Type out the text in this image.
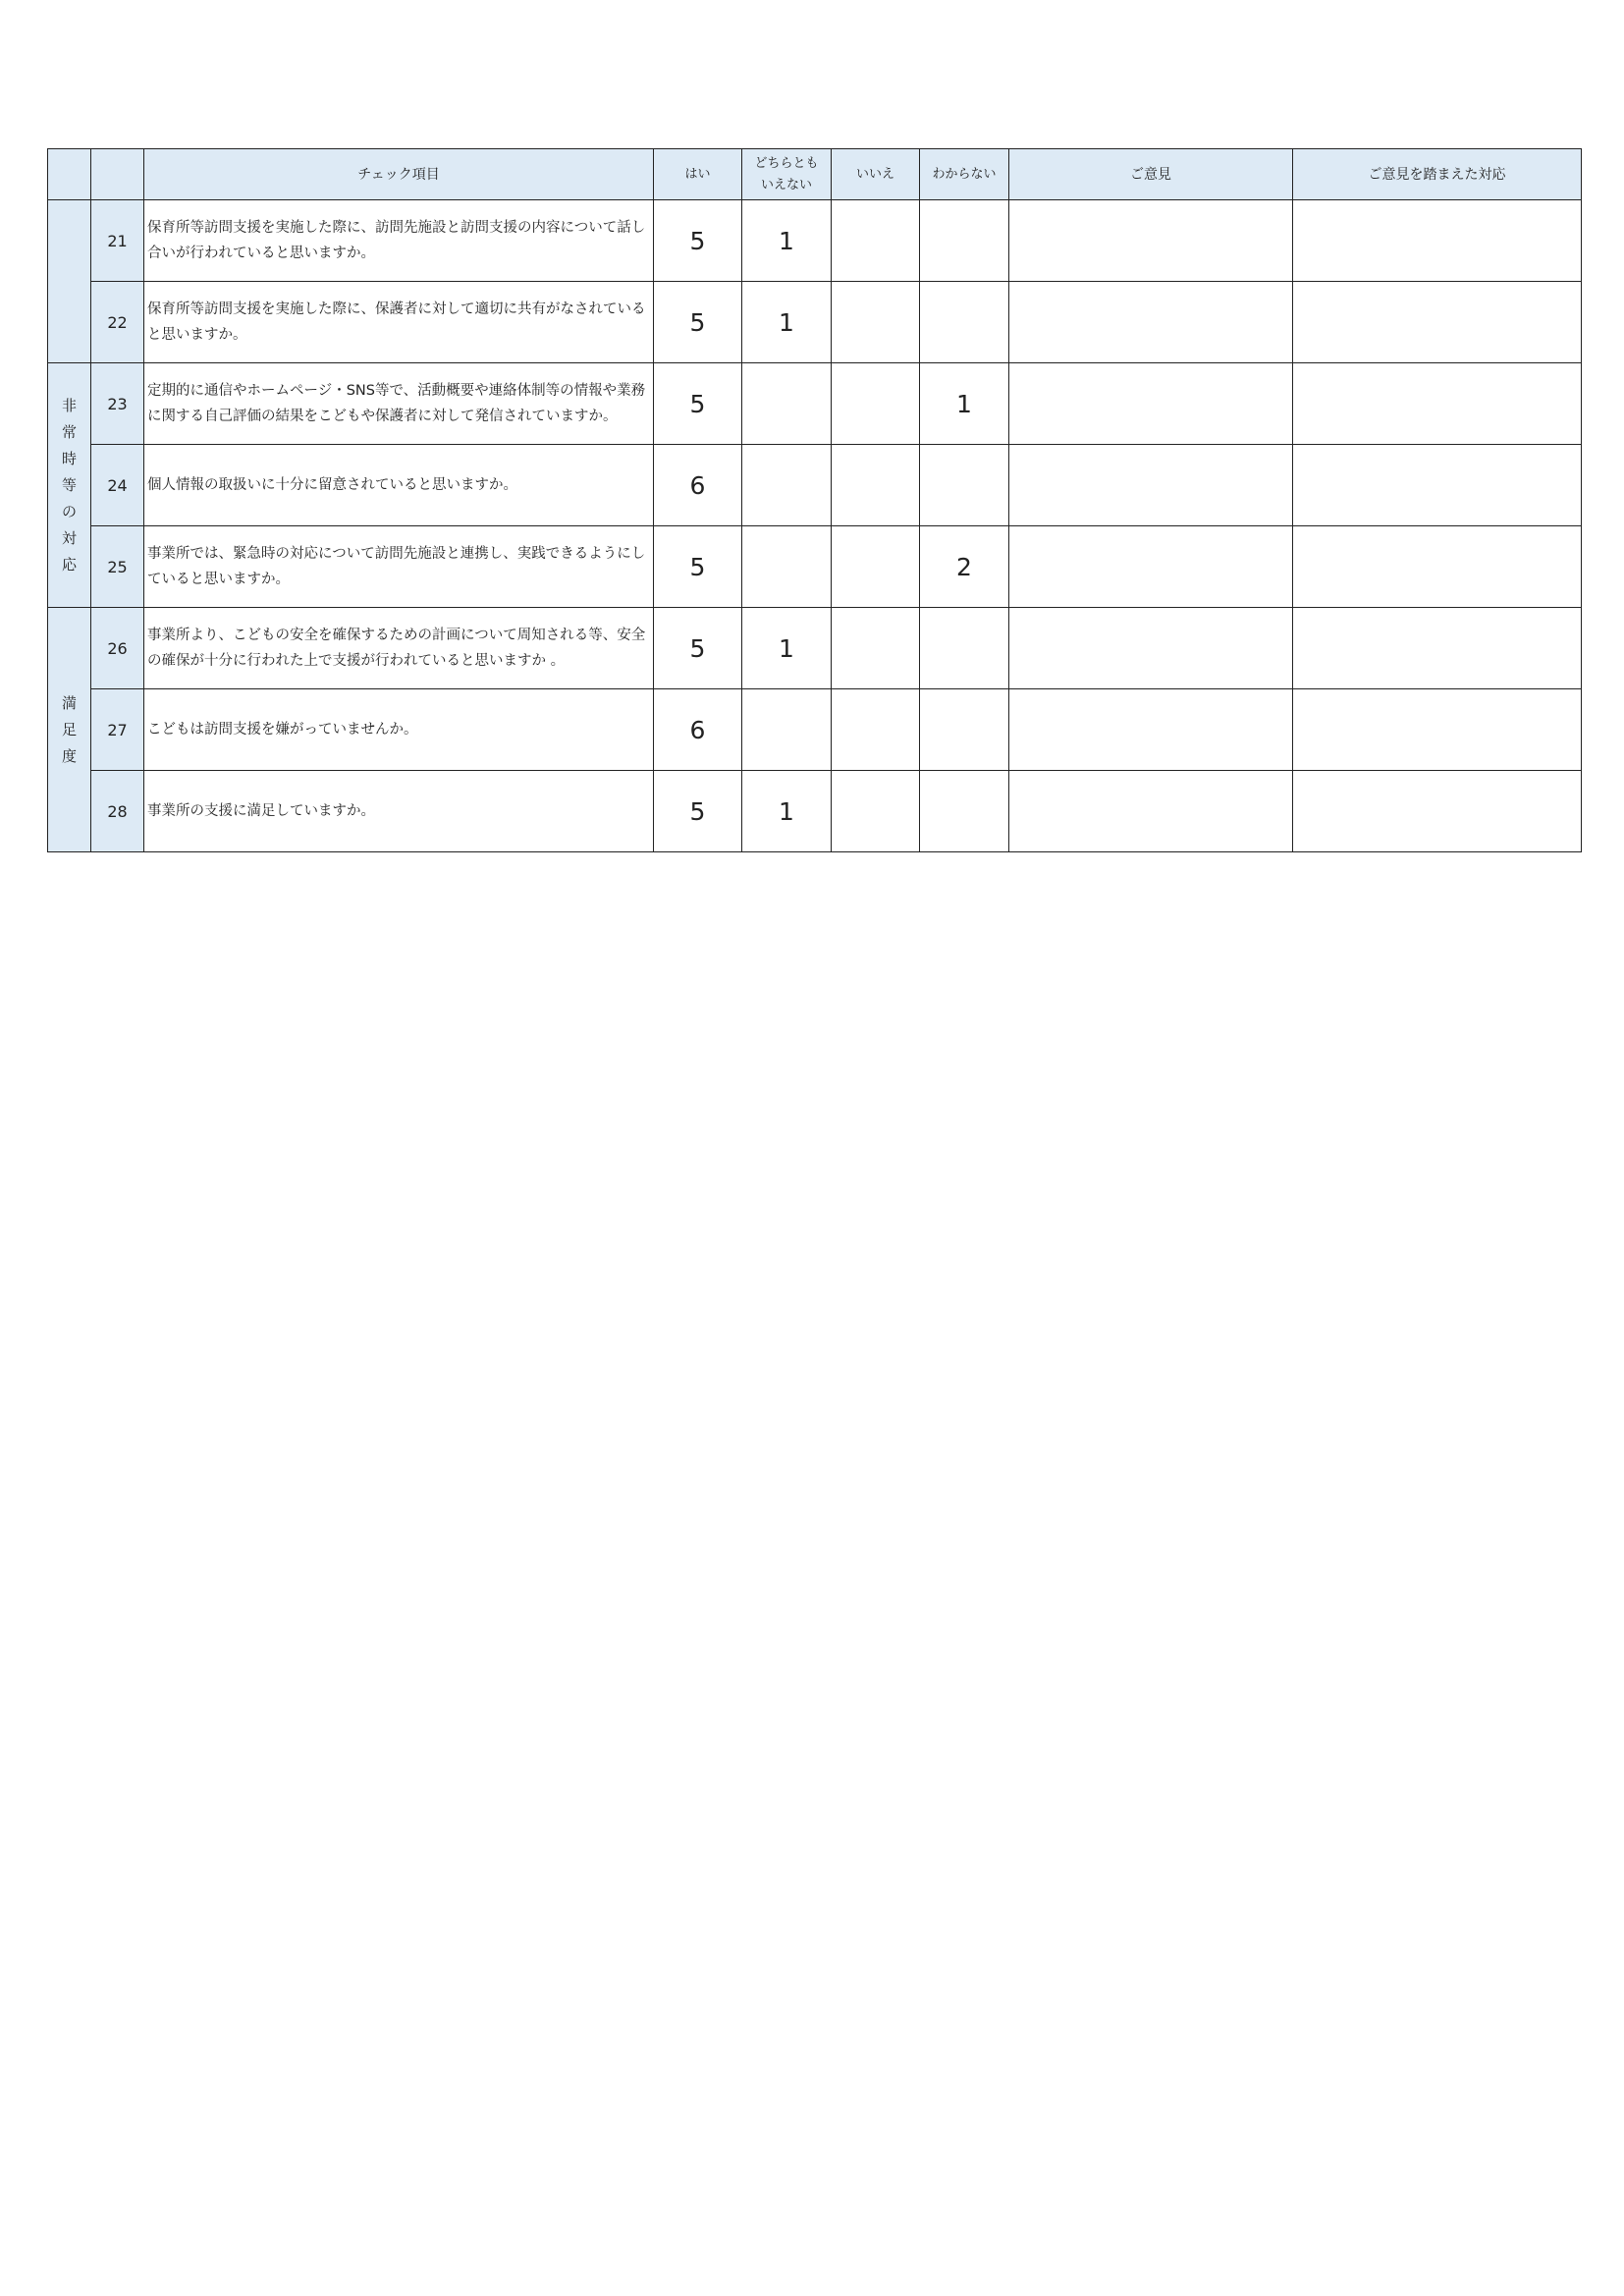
		チェック項目	はい	どちらとも いえない	いいえ	わからない	ご意見	ご意見を踏まえた対応
	21	保育所等訪問支援を実施した際に、訪問先施設と訪問支援の内容について話し合いが行われていると思いますか。	5	1				
	22	保育所等訪問支援を実施した際に、保護者に対して適切に共有がなされていると思いますか。	5	1				
非常時等の対応	23	定期的に通信やホームページ・SNS等で、活動概要や連絡体制等の情報や業務に関する自己評価の結果をこどもや保護者に対して発信されていますか。	5			1		
	24	個人情報の取扱いに十分に留意されていると思いますか。	6					
	25	事業所では、緊急時の対応について訪問先施設と連携し、実践できるようにしていると思いますか。	5			2		
満足度	26	事業所より、こどもの安全を確保するための計画について周知される等、安全の確保が十分に行われた上で支援が行われていると思いますか 。	5	1				
	27	こどもは訪問支援を嫌がっていませんか。	6					
	28	事業所の支援に満足していますか。	5	1				
